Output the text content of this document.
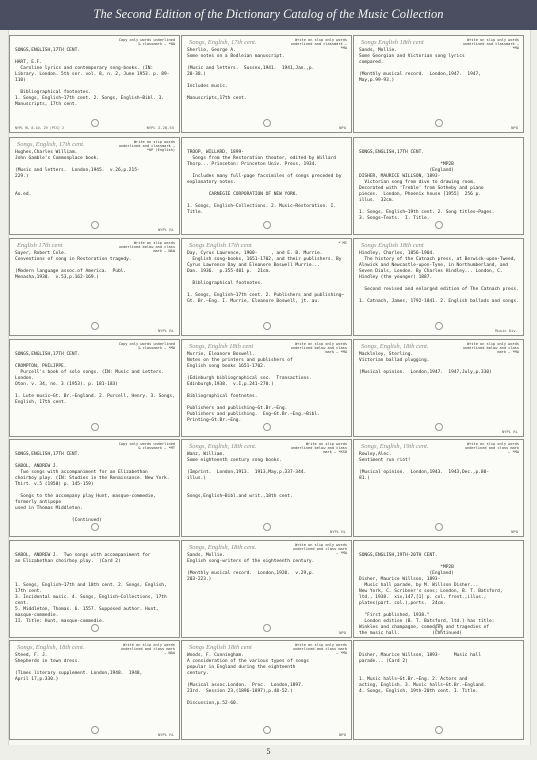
The Second Edition of the Dictionary Catalog of the Music Collection
Copy only words underlined & classmark — *NA
SONGS,ENGLISH,17TH CENT.

HART, E.F.
Caroline lyrics and contemporary song-books. (IN: Library. London. 5th ser. vol. 8, n. 2, June 1953. p. 89-110)

Bibliographical footnotes.
1. Songs, English—17th cent. 2. Songs, English—Bibl. 3. Manuscripts, 17th cent.
NYPL RL 8.10. 29 (PCS) 2	NYPL 2-28-55
Songs, English, 17th cent.	Write on slip only words underlined and classmark — *MA
Sherlie, George A.
Some notes on a Bodleian manuscript.

(Music and letters.  Sussex,1941.  1941,Jan.,p.
28-38.)

Includes music.

Manuscripts,17th cent.
NPO
Songs English 18th cent	Write on slip only words underlined and classmark — *MA
Sands, Mollie.
Some Georgian and Victorian song lyrics
compared.

(Monthly musical record.  London,1947.  1947,
May,p.99-93.)
NPO
Songs, English, 17th cent.	Write on slip words underlined and classmark — *KP (English)
Hughes,Charles William.
John Gamble's Commonplace book.

(Music and letters.  London,1945.  v.26,p.215-
229.)

Ao.ed.
NYPL RL
TROOP, WILLARD, 1899-
Songs from the Restoration theater, edited by Willard Thorp... Princeton: Princeton Univ. Press, 1934.

Includes many full-page facsimiles of songs preceded by explanatory notes.

CARNEGIE CORPORATION OF NEW YORK.

1. Songs, English—Collections. 2. Music—Restoration. I. Title.
SONGS,ENGLISH,17TH CENT.

*MP2B
(England)
DISHER, MAURICE WILLSON, 1893-
Victorian song from dive to drawing room.
Decorated with 'Treble' from Sotheby and piano
pieces.  London, Phoenix house [1955]  256 p.
illus.  32cm.

1. Songs, English—19th cent. 2. Song titles—Pages.
3. Songs—Texts.  I. Title.
English 17th cent	Write on slip words underlined below and class mark — NAA
Sayer, Robert Cole.
Conventions of song in Restoration tragedy.

(Modern language assoc.of America.  Publ.
Menasha,1938.  v.53,p.162-169.)
NYPL RL
Songs English 17th cent	* MC
Day, Cyrus Lawrence, 1900-     , and E. B. Murrie.
English song-books, 1651-1702, and their publishers. By
Cyrus Lawrence Day and Eleanore Boswell Murrie...
Dan. 1936.  p.355-401 p.  21cm.

Bibliographical footnotes.

1. Songs, English—17th cent. 2. Publishers and publishing—
Gt. Br.—Eng. I. Murrie, Eleanore Boswell, jt. au.
Songs English 18th cent
Hindley, Charles, 1856-1904.
The history of the Catnach press, at Berwick-upon-Tweed,
Alnwick and Newcastle-upon-Tyne, in Northumberland, and
Seven Dials, London. By Charles Hindley... London, C.
Hindley (the younger) 1887.

Second revised and enlarged edition of The Catnach press.

1. Catnach, James, 1792-1841. 2. English ballads and songs.
Music Div.
Copy only words underlined & classmark — *MA
SONGS,ENGLISH,17TH CENT.

CROMPTON, PHILIPPE.
Purcell's book of solo songs. (IN: Music and Letters. London.
Oton. v. 34, no. 3 (1953). p. 181-183)

1. Lute music—Gt. Br.—England. 2. Purcell, Henry. 3. Songs,
English, 17th cent.
Songs, English 18th cent	Write on slip only words underlined below and class mark — *MA
Murrie, Eleanore Boswell.
Notes on the printers and publishers of
English song books 1651-1702.

(Edinburgh bibliographical soc.  Transactions.
Edinburgh,1938.  v.I,p.241-270.)

Bibliographical footnotes.

Publishers and publishing—Gt.Br.—Eng.
Publishers and publishing.  Eng—Gt.Br.—Eng.—Bibl.
Printing—Gt.Br.—Eng.
Songs, English, 18th cent.	Write on slip only words underlined below and class mark — *MA
Macklnley, Sterling.
Victorian ballad plugging.

(Musical opinion.  London,1947.  1947,July,p.330)
NYPL RL
Copy only words underlined & classmark — *MT
SONGS,ENGLISH,17TH CENT.

SABOL, ANDREW J.
Two songs with accompaniment for an Elizabethan
choirboy play. (IN: Studies in the Renaissance. New York.
Thirt. v.5 (1958) p. 145-159)

Songs to the accompany play Hunt, masque-commedie, formerly antipope
used in Thomas Middleton.

(Continued)
Songs, English, 18th cent.	Write on slip words underlined below and class mark — *KSD
Wanz, William.
Some eighteenth century song books.

(Imprint.  London,1913.  1913,May,p.337-344.
illus.)

Songs,English—Bibl.and writ.,18th cent.
NYPL RL
Songs, English, 19th cent.	Write on slip only words underlined and class mark — *MA
Rowley,Alec.
Sentiment run riot!

(Musical opinion.  London,1943.  1943,Dec.,p.80-
81.)
NPO
SABOL, ANDREW J.  Two songs with accompaniment for
an Elizabethan choirboy play.  (Card 2)

1. Songs, English—17th and 18th cent. 2. Songs, English, 17th cent.
3. Incidental music. 4. Songs, English—Collections, 17th cent.
5. Middleton, Thomas. 6. 1557. Supposed author. Hunt, masque-commedie.
II. Title: Hunt, masque-commedie.
Songs, English, 18th cent.	Write on slip only words underlined and class mark — *MA
Sands, Mollie.
English song-writers of the eighteenth century.

(Monthly musical record.  London,1920.  v.29,p.
203-223.)
NPO
SONGS,ENGLISH,19TH-20TH CENT.

*MP2B
(England)
Disher, Maurice Willson, 1893-
Music hall parade, by M. Willson Disher...
New York, C. Scribner's sons; London, B. T. Batsford,
ltd., 1938.  xiv,147,[1] p. col. front.,illus.,
plates(part. col.),ports.  24cm.

"First published, 1938."
London edition (B. T. Batsford, ltd.) has title:
Winkles and champagne, comedies and tragedies of
the music hall.            (Continued)
Songs, English, 18th cent.	Write on slip only words underlined and class mark — NAA
Steed, F. J.
Shepherds in town dress.

(Times literary supplement. London,1948.  1948,
April 17,p.330.)
NYPL RL
Songs English 18th cent	Write on slip only words underlined and class mark — *MA
Woods, F. Cunningham.
A consideration of the various types of songs
popular in England during the eighteenth
century.

(Musical assoc.London.  Proc.  London,1897.
23rd.  Session 23,(1896-1897),p.48-52.)

Discussion,p.52-60.
NPO
Disher, Maurice Willson, 1893-     Music hall
parade... (Card 2)

1. Music halls—Gt.Br.—Eng. 2. Actors and
acting, English. 3. Music halls—Gt.Br.—England.
4. Songs, English, 19th-20th cent. I. Title.
5
